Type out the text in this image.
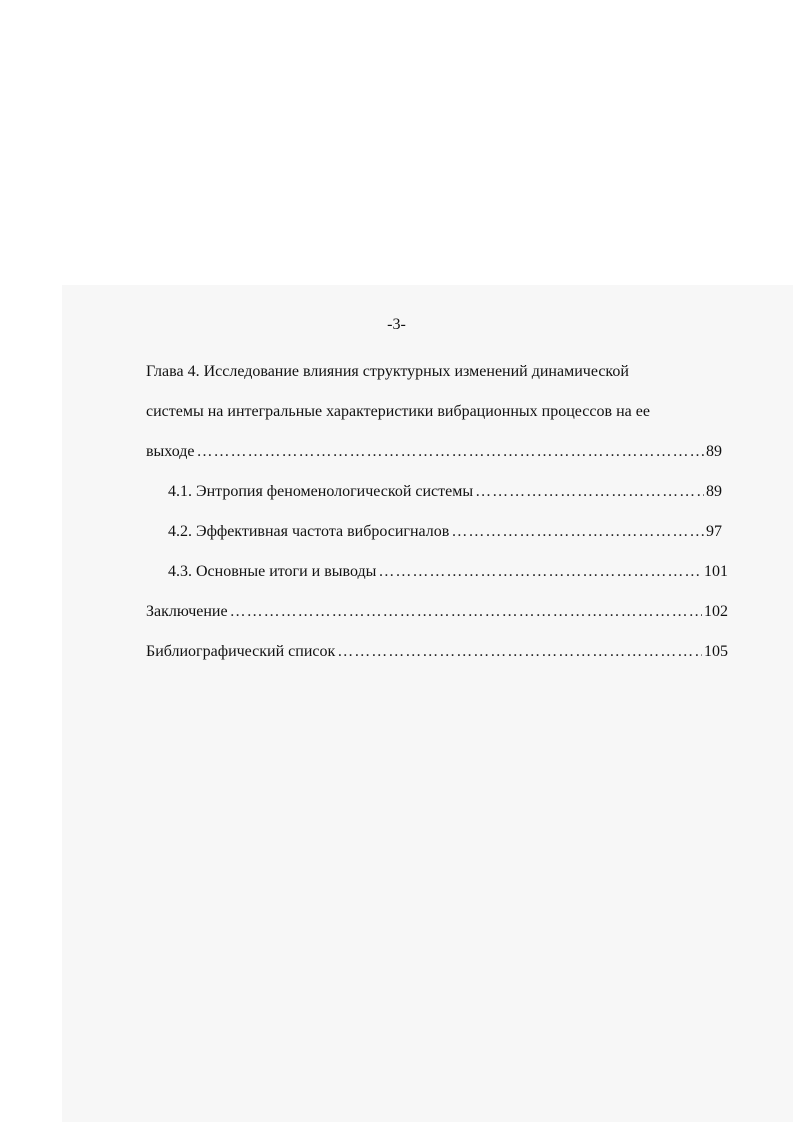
-3-
Глава 4. Исследование влияния структурных изменений динамической
системы на интегральные характеристики вибрационных процессов на ее
выходе ……………………………………………………………………………………………………………………………………………………………………………………	89
4.1. Энтропия феноменологической системы ……………………………………………………………………………………………………………………………………………………………………………………	89
4.2. Эффективная частота вибросигналов ……………………………………………………………………………………………………………………………………………………………………………………	97
4.3. Основные итоги и выводы ……………………………………………………………………………………………………………………………………………………………………………………	101
Заключение ……………………………………………………………………………………………………………………………………………………………………………………	102
Библиографический список ……………………………………………………………………………………………………………………………………………………………………………………	105
